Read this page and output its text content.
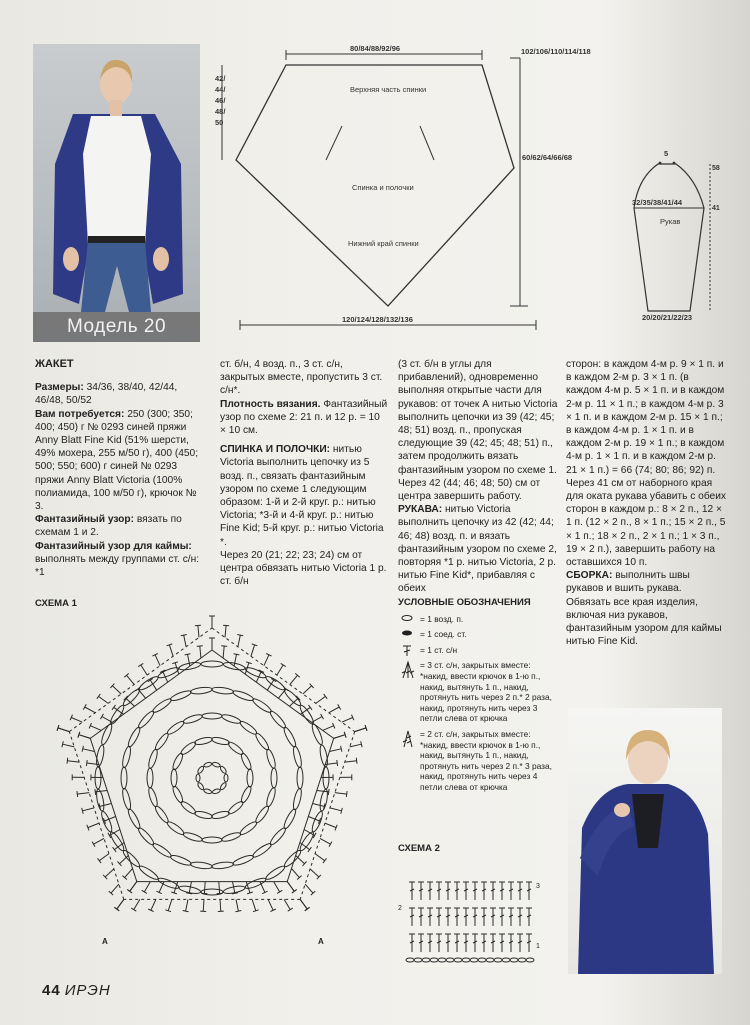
Модель 20
80/84/88/92/96
42/
44/
46/
48/
50
102/106/110/114/118
60/62/64/66/68
120/124/128/132/136
Верхняя часть спинки
Спинка и полочки
Нижний край спинки
5
32/35/38/41/44
Рукав
58
41
20/20/21/22/23

ЖАКЕТ

Размеры: 34/36, 38/40, 42/44, 46/48, 50/52

Вам потребуется: 250 (300; 350; 400; 450) г № 0293 синей пряжи Anny Blatt Fine Kid (51% шерсти, 49% мохера, 255 м/50 г), 400 (450; 500; 550; 600) г синей № 0293 пряжи Anny Blatt Victoria (100% полиамида, 100 м/50 г), крючок № 3.

Фантазийный узор: вязать по схемам 1 и 2.

Фантазийный узор для каймы: выполнять между группами ст. с/н: *1

ст. б/н, 4 возд. п., 3 ст. с/н, закрытых вместе, пропустить 3 ст. с/н*.

Плотность вязания. Фантазийный узор по схеме 2: 21 п. и 12 р. = 10 × 10 см.

СПИНКА И ПОЛОЧКИ: нитью Victoria выполнить цепочку из 5 возд. п., связать фантазийным узором по схеме 1 следующим образом: 1-й и 2-й круг. р.: нитью Victoria; *3-й и 4-й круг. р.: нитью Fine Kid; 5-й круг. р.: нитью Victoria *.

Через 20 (21; 22; 23; 24) см от центра обвязать нитью Victoria 1 р. ст. б/н

(3 ст. б/н в углы для прибавлений), одновременно выполняя открытые части для рукавов: от точек А нитью Victoria выполнить цепочки из 39 (42; 45; 48; 51) возд. п., пропуская следующие 39 (42; 45; 48; 51) п., затем продолжить вязать фантазийным узором по схеме 1.

Через 42 (44; 46; 48; 50) см от центра завершить работу.

РУКАВА: нитью Victoria выполнить цепочку из 42 (42; 44; 46; 48) возд. п. и вязать фантазийным узором по схеме 2, повторяя *1 р. нитью Victoria, 2 р. нитью Fine Kid*, прибавляя с обеих

сторон: в каждом 4-м р. 9 × 1 п. и в каждом 2-м р. 3 × 1 п. (в каждом 4-м р. 5 × 1 п. и в каждом 2-м р. 11 × 1 п.; в каждом 4-м р. 3 × 1 п. и в каждом 2-м р. 15 × 1 п.; в каждом 4-м р. 1 × 1 п. и в каждом 2-м р. 19 × 1 п.; в каждом 4-м р. 1 × 1 п. и в каждом 2-м р. 21 × 1 п.) = 66 (74; 80; 86; 92) п.

Через 41 см от наборного края для оката рукава убавить с обеих сторон в каждом р.: 8 × 2 п., 12 × 1 п. (12 × 2 п., 8 × 1 п.; 15 × 2 п., 5 × 1 п.; 18 × 2 п., 2 × 1 п.; 1 × 3 п., 19 × 2 п.), завершить работу на оставшихся 10 п.

СБОРКА: выполнить швы рукавов и вшить рукава. Обвязать все края изделия, включая низ рукавов, фантазийным узором для каймы нитью Fine Kid.

СХЕМА 1
A	A
УСЛОВНЫЕ ОБОЗНАЧЕНИЯ
= 1 возд. п.
= 1 соед. ст.
= 1 ст. с/н
= 3 ст. с/н, закрытых вместе: *накид, ввести крючок в 1-ю п., накид, вытянуть 1 п., накид, протянуть нить через 2 п.* 2 раза, накид, протянуть нить через 3 петли слева от крючка
= 2 ст. с/н, закрытых вместе: *накид, ввести крючок в 1-ю п., накид, вытянуть 1 п., накид, протянуть нить через 2 п.* 3 раза, накид, протянуть нить через 4 петли слева от крючка
СХЕМА 2
3
2
1
44 ИРЭН
